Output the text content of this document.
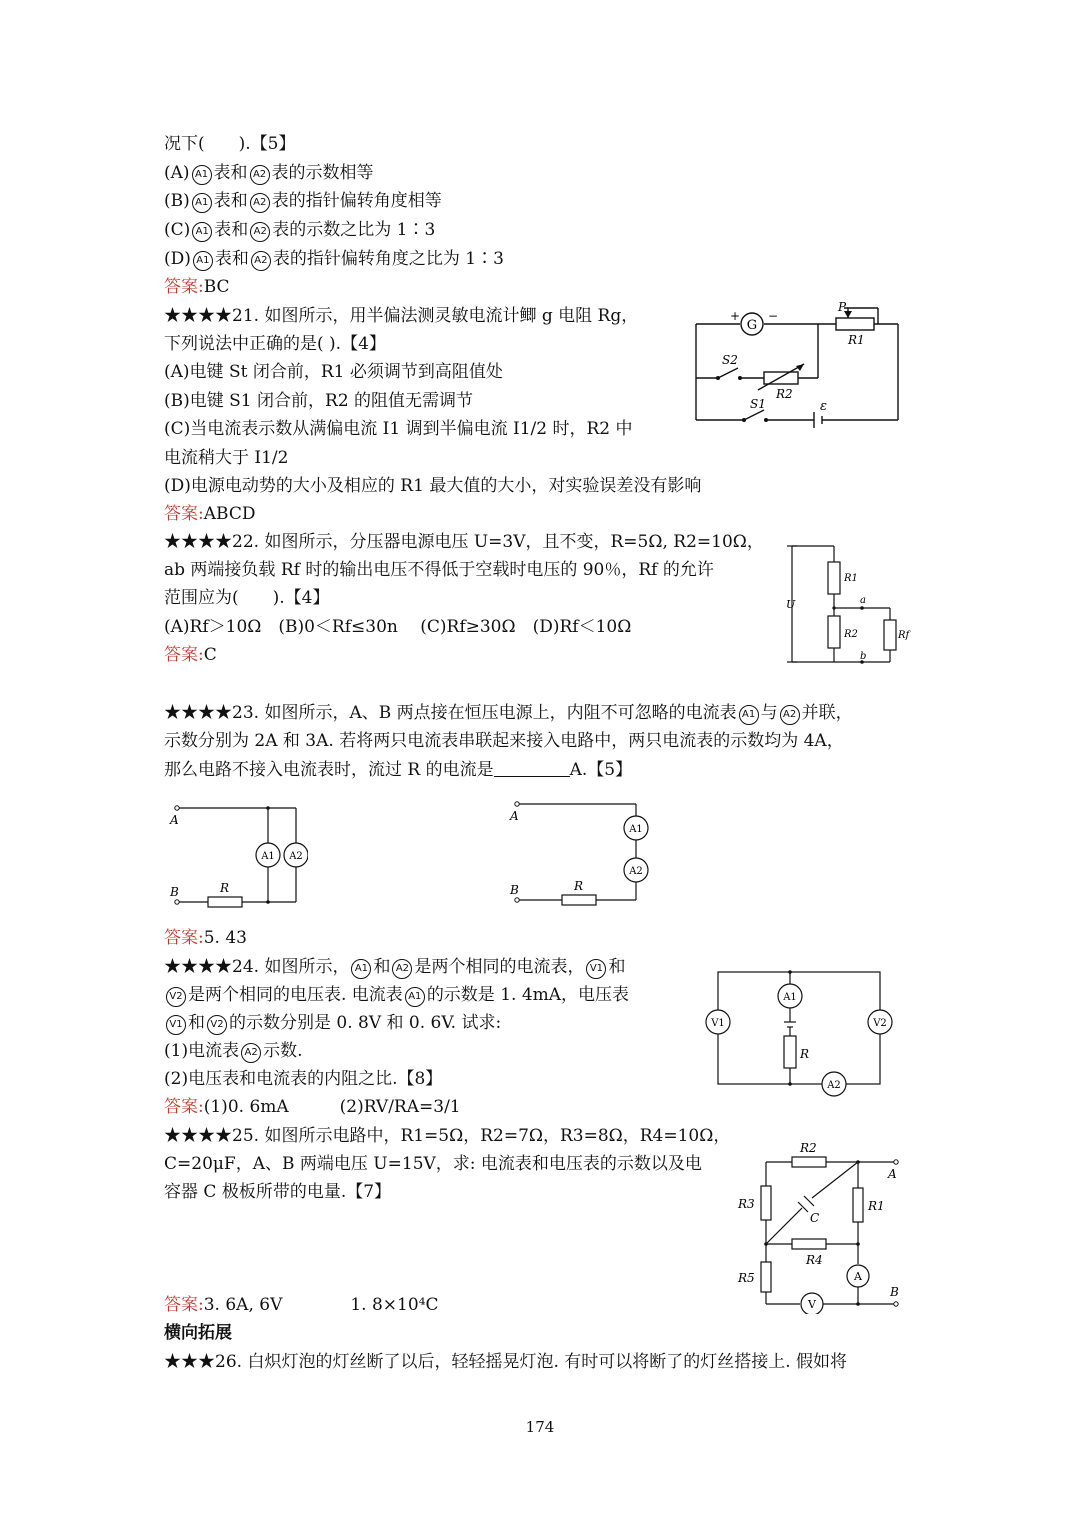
况下(　　).【5】
(A) A1 表和 A2 表的示数相等
(B) A1 表和 A2 表的指针偏转角度相等
(C) A1 表和 A2 表的示数之比为 1∶3
(D) A1 表和 A2 表的指针偏转角度之比为 1∶3
答案:BC
★★★★21. 如图所示，用半偏法测灵敏电流计鲫 g 电阻 Rg，
下列说法中正确的是( ).【4】
(A)电键 St 闭合前，R1 必须调节到高阻值处
(B)电键 S1 闭合前，R2 的阻值无需调节
(C)当电流表示数从满偏电流 I1 调到半偏电流 I1/2 时，R2 中
电流稍大于 I1/2
(D)电源电动势的大小及相应的 R1 最大值的大小，对实验误差没有影响
答案:ABCD
G
+ −
P
R1
S2
R2
S1	ε
★★★★22. 如图所示，分压器电源电压 U=3V，且不变，R=5Ω, R2=10Ω，
ab 两端接负载 Rf 时的输出电压不得低于空载时电压的 90％，Rf 的允许
范围应为(　　).【4】
(A)Rf＞10Ω　(B)0＜Rf≤30n　 (C)Rf≥30Ω　(D)Rf＜10Ω
答案:C
U
R1
R2	Rf
a
b
★★★★23. 如图所示，A、B 两点接在恒压电源上，内阻不可忽略的电流表 A1 与 A2 并联，
示数分别为 2A 和 3A. 若将两只电流表串联起来接入电路中，两只电流表的示数均为 4A，
那么电路不接入电流表时，流过 R 的电流是	A.【5】
A
B	R
A1 A2
A
B	R
A1
A2
答案:5. 43
★★★★24. 如图所示， A1 和 A2 是两个相同的电流表， V1 和
V2 是两个相同的电压表. 电流表 A1 的示数是 1. 4mA，电压表
V1 和 V2 的示数分别是 0. 8V 和 0. 6V. 试求:
(1)电流表 A2 示数.
(2)电压表和电流表的内阻之比.【8】
答案:(1)0. 6mA　　　(2)RV/RA=3/1
A1
V1	V2
A2
R
★★★★25. 如图所示电路中，R1=5Ω，R2=7Ω，R3=8Ω，R4=10Ω，
C=20μF，A、B 两端电压 U=15V，求: 电流表和电压表的示数以及电
容器 C 极板所带的电量.【7】
答案:3. 6A, 6V　　　　1. 8×10⁴C
R2
R3	R1
R4
R5
C
A
B
A
V
横向拓展
★★★26. 白炽灯泡的灯丝断了以后，轻轻摇晃灯泡. 有时可以将断了的灯丝搭接上. 假如将
174
